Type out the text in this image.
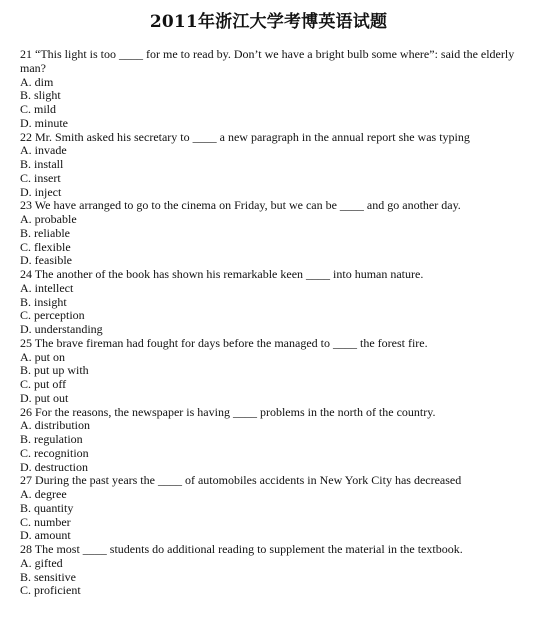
2011年浙江大学考博英语试题

21 “This light is too ____ for me to read by. Don’t we have a bright bulb some where”: said the elderly man?

A. dim

B. slight

C. mild

D. minute

22 Mr. Smith asked his secretary to ____ a new paragraph in the annual report she was typing

A. invade

B. install

C. insert

D. inject

23 We have arranged to go to the cinema on Friday, but we can be ____ and go another day.

A. probable

B. reliable

C. flexible

D. feasible

24 The another of the book has shown his remarkable keen ____ into human nature.

A. intellect

B. insight

C. perception

D. understanding

25 The brave fireman had fought for days before the managed to ____ the forest fire.

A. put on

B. put up with

C. put off

D. put out

26 For the reasons, the newspaper is having ____ problems in the north of the country.

A. distribution

B. regulation

C. recognition

D. destruction

27 During the past years the ____ of automobiles accidents in New York City has decreased

A. degree

B. quantity

C. number

D. amount

28 The most ____ students do additional reading to supplement the material in the textbook.

A. gifted

B. sensitive

C. proficient
